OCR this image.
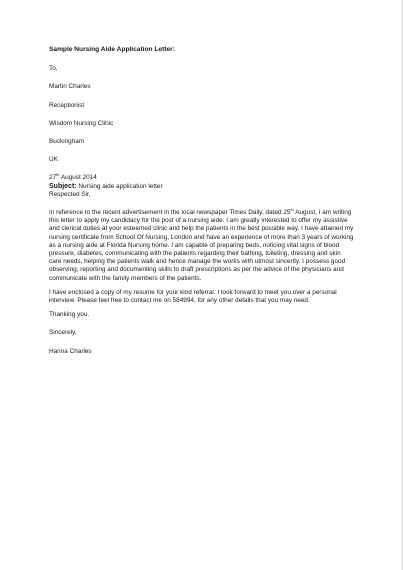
Sample Nursing Aide Application Letter:
To,
Martin Charles
Receptionist
Wisdom Nursing Clinic
Buckingham
UK
27th August 2014
Subject: Nursing aide application letter
Respected Sir,
In reference to the recent advertisement in the local newspaper Times Daily, dated 25th August, I am writing this letter to apply my candidacy for the post of a nursing aide. I am greatly interested to offer my assistive and clerical duties at your esteemed clinic and help the patients in the best possible way. I have attained my nursing certificate from School Of Nursing, London and have an experience of more than 3 years of working as a nursing aide at Florida Nursing home. I am capable of preparing beds, noticing vital signs of blood pressure, diabetes, communicating with the patients regarding their bathing, toileting, dressing and skin care needs, helping the patients walk and hence manage the works with utmost sincerity. I possess good observing, reporting and documenting skills to draft prescriptions as per the advice of the physicians and communicate with the family members of the patients.
I have enclosed a copy of my resume for your kind referral. I look forward to meet you over a personal interview. Please feel free to contact me on 584994, for any other details that you may need.
Thanking you.
Sincerely,
Hanna Charles
